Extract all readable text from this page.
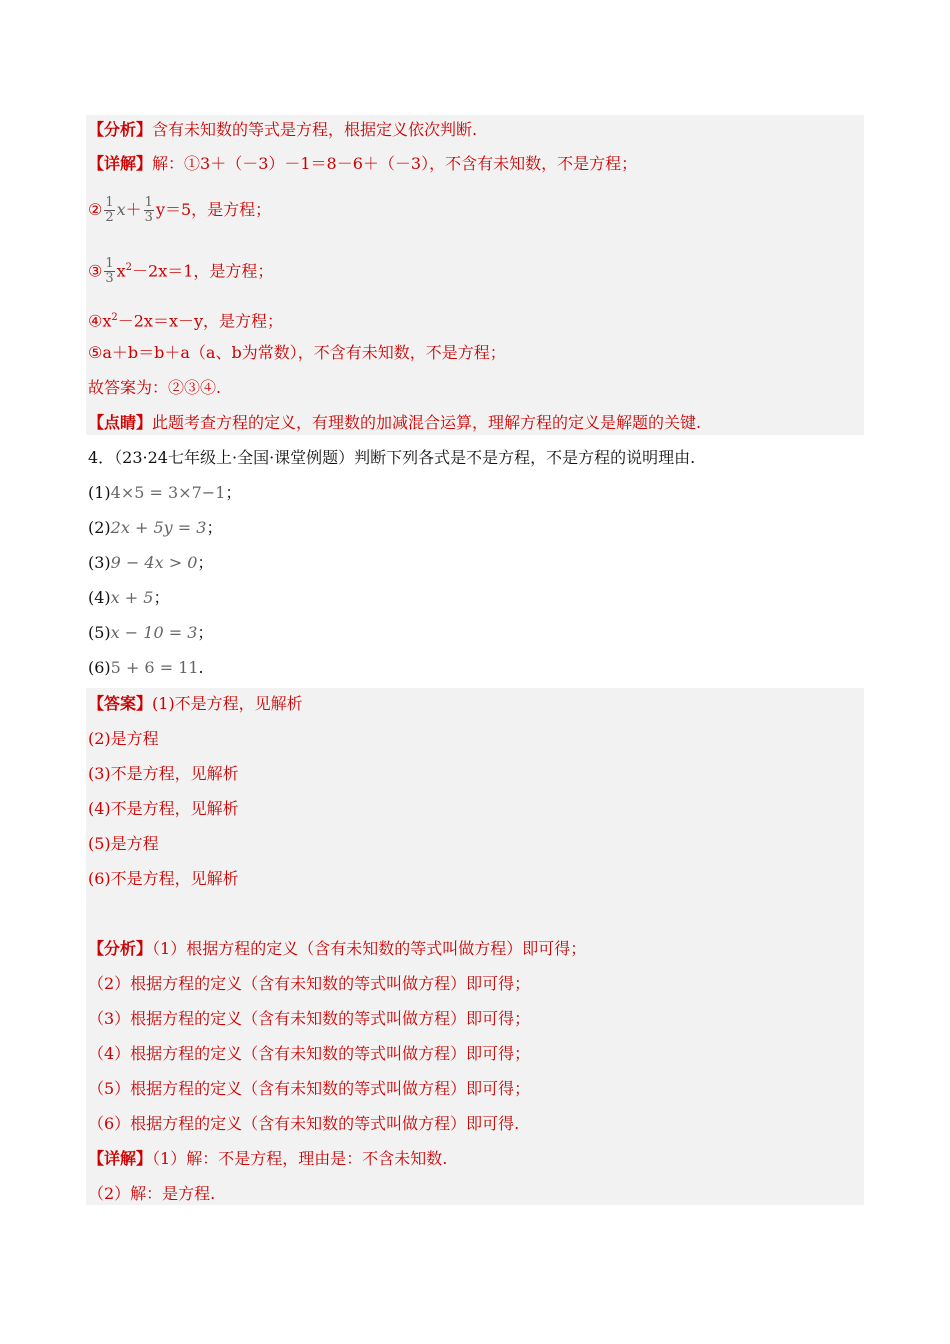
【分析】含有未知数的等式是方程，根据定义依次判断.
【详解】解：①3＋（－3）－1＝8－6＋（－3），不含有未知数，不是方程；
② $\frac{1}{2} x+ \frac{1}{3} y=5$，是方程；
③ $\frac{1}{3} x^2-2x=1$，是方程；
$④x^2-2x=x-y$，是方程；
⑤a＋b＝b＋a（a、b为常数），不含有未知数，不是方程；
故答案为：②③④.
【点睛】此题考查方程的定义，有理数的加减混合运算，理解方程的定义是解题的关键.
4．（23·24七年级上·全国·课堂例题）判断下列各式是不是方程，不是方程的说明理由.
(1)4×5 = 3×7−1；
(2)2x + 5y = 3；
(3)9 − 4x > 0；
(4)x + 5；
(5)x − 10 = 3；
(6)5 + 6 = 11.
【答案】(1)不是方程，见解析
(2)是方程
(3)不是方程，见解析
(4)不是方程，见解析
(5)是方程
(6)不是方程，见解析
【分析】（1）根据方程的定义（含有未知数的等式叫做方程）即可得；
（2）根据方程的定义（含有未知数的等式叫做方程）即可得；
（3）根据方程的定义（含有未知数的等式叫做方程）即可得；
（4）根据方程的定义（含有未知数的等式叫做方程）即可得；
（5）根据方程的定义（含有未知数的等式叫做方程）即可得；
（6）根据方程的定义（含有未知数的等式叫做方程）即可得.
【详解】（1）解：不是方程，理由是：不含未知数.
（2）解：是方程.
